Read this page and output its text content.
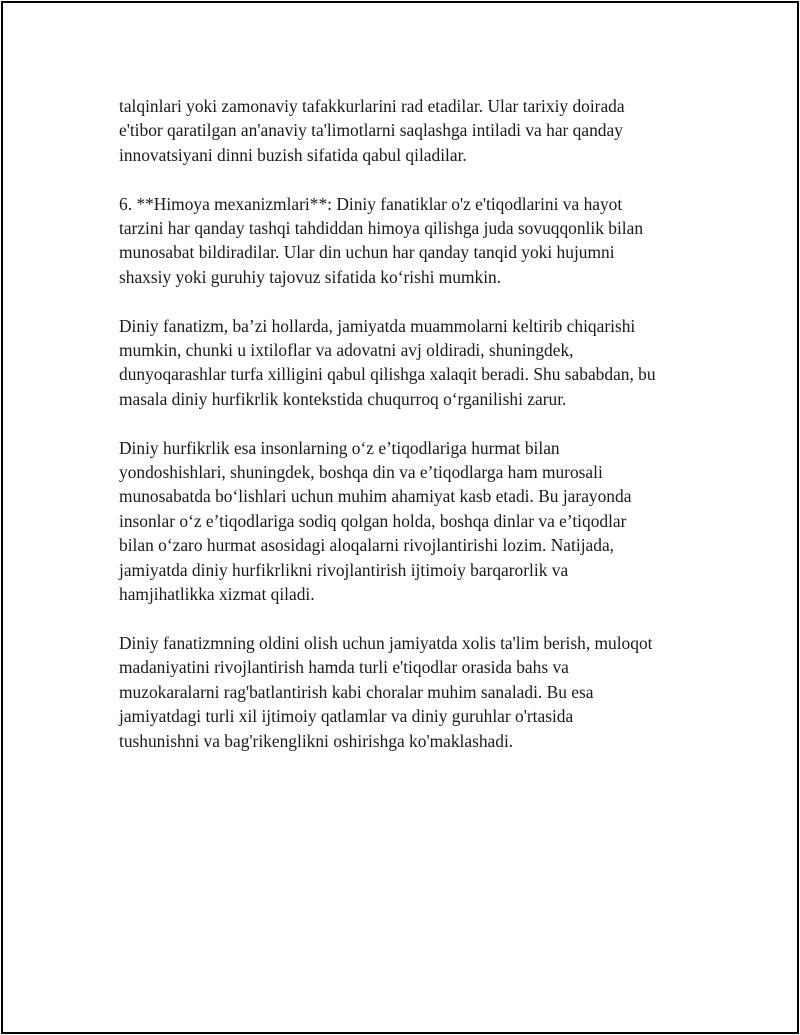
talqinlari yoki zamonaviy tafakkurlarini rad etadilar. Ular tarixiy doirada
e'tibor qaratilgan an'anaviy ta'limotlarni saqlashga intiladi va har qanday
innovatsiyani dinni buzish sifatida qabul qiladilar.

6. **Himoya mexanizmlari**: Diniy fanatiklar o'z e'tiqodlarini va hayot
tarzini har qanday tashqi tahdiddan himoya qilishga juda sovuqqonlik bilan
munosabat bildiradilar. Ular din uchun har qanday tanqid yoki hujumni
shaxsiy yoki guruhiy tajovuz sifatida ko‘rishi mumkin.

Diniy fanatizm, ba’zi hollarda, jamiyatda muammolarni keltirib chiqarishi
mumkin, chunki u ixtiloflar va adovatni avj oldiradi, shuningdek,
dunyoqarashlar turfa xilligini qabul qilishga xalaqit beradi. Shu sababdan, bu
masala diniy hurfikrlik kontekstida chuqurroq o‘rganilishi zarur.

Diniy hurfikrlik esa insonlarning o‘z e’tiqodlariga hurmat bilan
yondoshishlari, shuningdek, boshqa din va e’tiqodlarga ham murosali
munosabatda bo‘lishlari uchun muhim ahamiyat kasb etadi. Bu jarayonda
insonlar o‘z e’tiqodlariga sodiq qolgan holda, boshqa dinlar va e’tiqodlar
bilan o‘zaro hurmat asosidagi aloqalarni rivojlantirishi lozim. Natijada,
jamiyatda diniy hurfikrlikni rivojlantirish ijtimoiy barqarorlik va
hamjihatlikka xizmat qiladi.

Diniy fanatizmning oldini olish uchun jamiyatda xolis ta'lim berish, muloqot
madaniyatini rivojlantirish hamda turli e'tiqodlar orasida bahs va
muzokaralarni rag'batlantirish kabi choralar muhim sanaladi. Bu esa
jamiyatdagi turli xil ijtimoiy qatlamlar va diniy guruhlar o'rtasida
tushunishni va bag'rikenglikni oshirishga ko'maklashadi.
